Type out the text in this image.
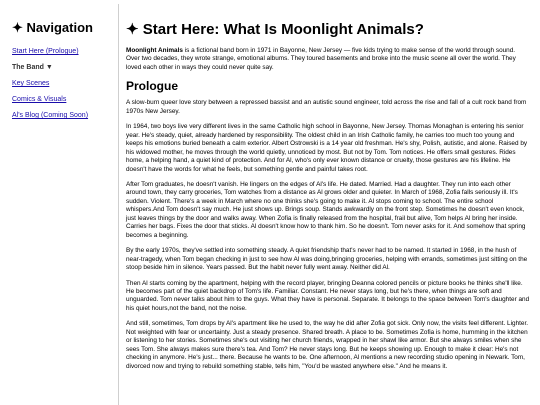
✦ Navigation
Start Here (Prologue)
The Band ▼
Key Scenes
Comics & Visuals
Al's Blog (Coming Soon)
✦ Start Here: What Is Moonlight Animals?

Moonlight Animals is a fictional band born in 1971 in Bayonne, New Jersey — five kids trying to make sense of the world through sound. Over two decades, they wrote strange, emotional albums. They toured basements and broke into the music scene all over the world. They loved each other in ways they could never quite say.

Prologue

A slow-burn queer love story between a repressed bassist and an autistic sound engineer, told across the rise and fall of a cult rock band from 1970s New Jersey.

In 1964, two boys live very different lives in the same Catholic high school in Bayonne, New Jersey. Thomas Monaghan is entering his senior year. He's steady, quiet, already hardened by responsibility. The oldest child in an Irish Catholic family, he carries too much too young and keeps his emotions buried beneath a calm exterior. Albert Ostrowski is a 14 year old freshman. He's shy, Polish, autistic, and alone. Raised by his widowed mother, he moves through the world quietly, unnoticed by most. But not by Tom. Tom notices. He offers small gestures. Rides home, a helping hand, a quiet kind of protection. And for Al, who's only ever known distance or cruelty, those gestures are his lifeline. He doesn't have the words for what he feels, but something gentle and painful takes root.

After Tom graduates, he doesn't vanish. He lingers on the edges of Al's life. He dated. Married. Had a daughter. They run into each other around town, they carry groceries, Tom watches from a distance as Al grows older and quieter. In March of 1968, Zofia falls seriously ill. It's sudden. Violent. There's a week in March where no one thinks she's going to make it. Al stops coming to school. The entire school whispers.And Tom doesn't say much. He just shows up. Brings soup. Stands awkwardly on the front step. Sometimes he doesn't even knock, just leaves things by the door and walks away. When Zofia is finally released from the hospital, frail but alive, Tom helps Al bring her inside. Carries her bags. Fixes the door that sticks. Al doesn't know how to thank him. So he doesn't. Tom never asks for it. And somehow that spring becomes a beginning.

By the early 1970s, they've settled into something steady. A quiet friendship that's never had to be named. It started in 1968, in the hush of near-tragedy, when Tom began checking in just to see how Al was doing,bringing groceries, helping with errands, sometimes just sitting on the stoop beside him in silence. Years passed. But the habit never fully went away. Neither did Al.

Then Al starts coming by the apartment, helping with the record player, bringing Deanna colored pencils or picture books he thinks she'll like. He becomes part of the quiet backdrop of Tom's life. Familiar. Constant. He never stays long, but he's there, when things are soft and unguarded. Tom never talks about him to the guys. What they have is personal. Separate. It belongs to the space between Tom's daughter and his quiet hours,not the band, not the noise.

And still, sometimes, Tom drops by Al's apartment like he used to, the way he did after Zofia got sick. Only now, the visits feel different. Lighter. Not weighted with fear or uncertainty. Just a steady presence. Shared breath. A place to be. Sometimes Zofia is home, humming in the kitchen or listening to her stories. Sometimes she's out visiting her church friends, wrapped in her shawl like armor. But she always smiles when she sees Tom. She always makes sure there's tea. And Tom? He never stays long. But he keeps showing up. Enough to make it clear: He's not checking in anymore. He's just... there. Because he wants to be. One afternoon, Al mentions a new recording studio opening in Newark. Tom, divorced now and trying to rebuild something stable, tells him, "You'd be wasted anywhere else." And he means it.
